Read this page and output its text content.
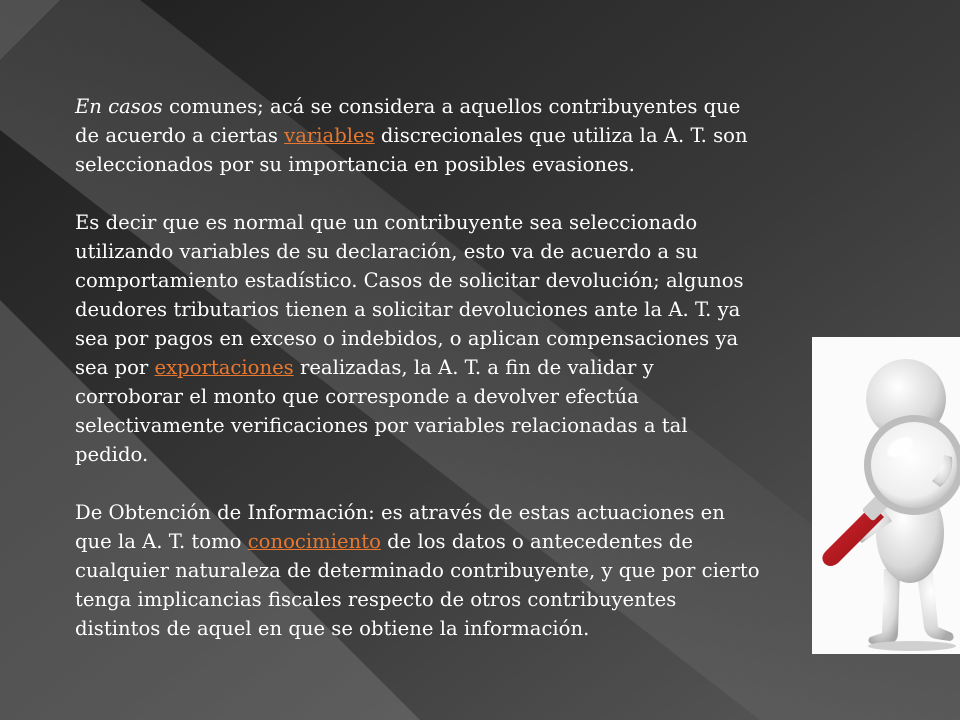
En casos comunes; acá se considera a aquellos contribuyentes que de acuerdo a ciertas variables discrecionales que utiliza la A. T. son seleccionados por su importancia en posibles evasiones.

Es decir que es normal que un contribuyente sea seleccionado utilizando variables de su declaración, esto va de acuerdo a su comportamiento estadístico. Casos de solicitar devolución; algunos deudores tributarios tienen a solicitar devoluciones ante la A. T. ya sea por pagos en exceso o indebidos, o aplican compensaciones ya sea por exportaciones realizadas, la A. T. a fin de validar y corroborar el monto que corresponde a devolver efectúa selectivamente verificaciones por variables relacionadas a tal pedido.

De Obtención de Información: es através de estas actuaciones en que la A. T. tomo conocimiento de los datos o antecedentes de cualquier naturaleza de determinado contribuyente, y que por cierto tenga implicancias fiscales respecto de otros contribuyentes distintos de aquel en que se obtiene la información.
